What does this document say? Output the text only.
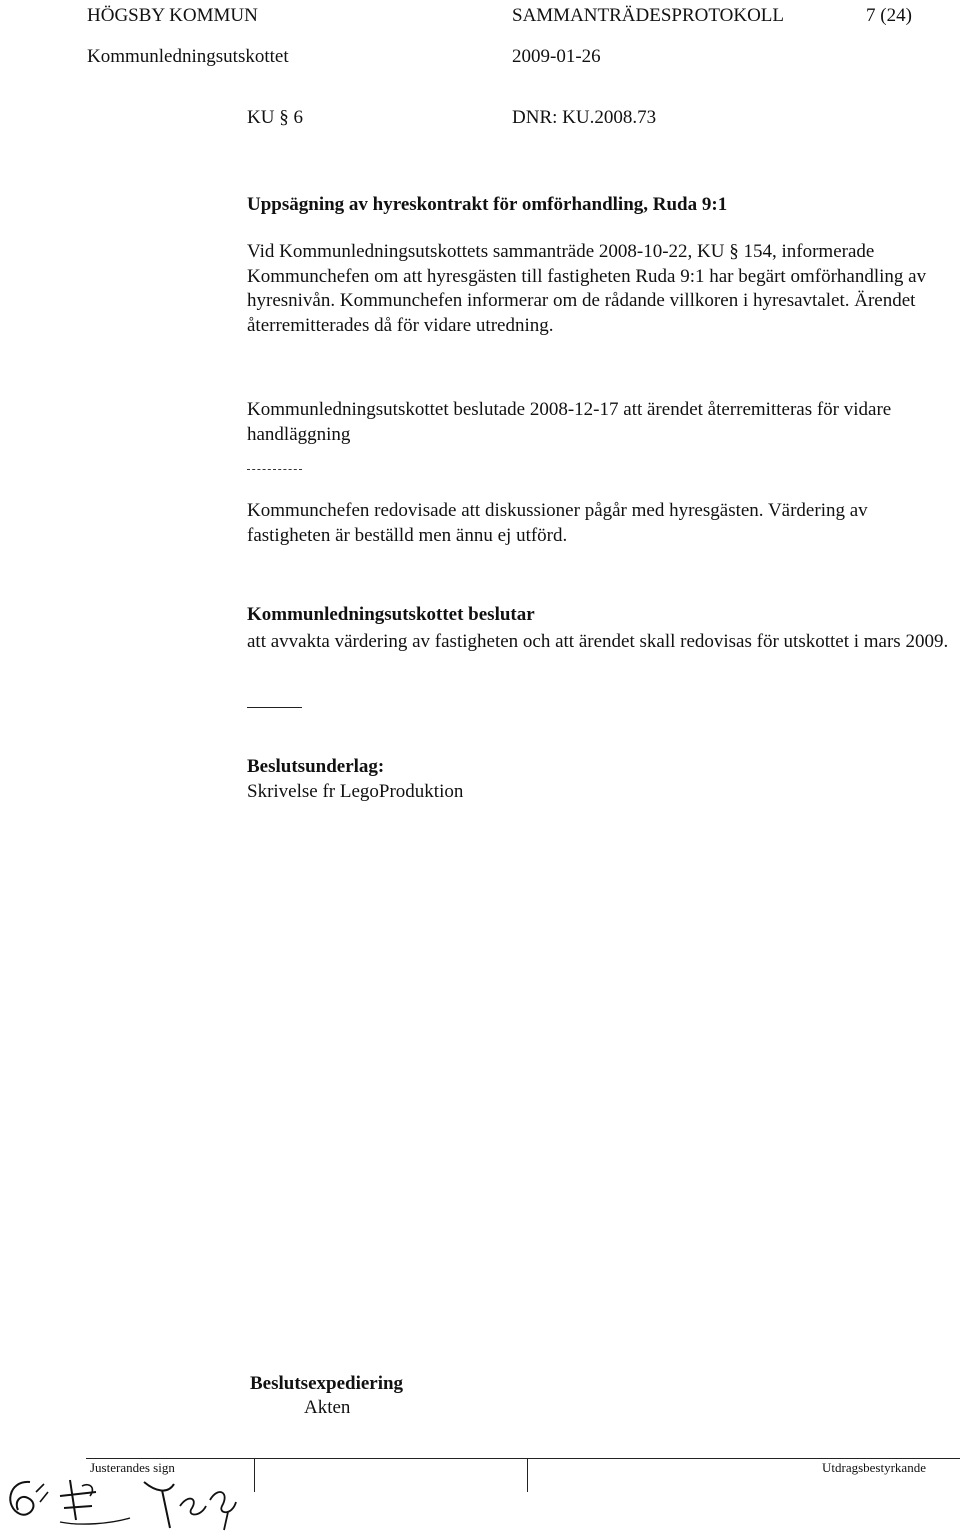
HÖGSBY KOMMUN	SAMMANTRÄDESPROTOKOLL	7 (24)
Kommunledningsutskottet	2009-01-26
KU § 6	DNR: KU.2008.73
Uppsägning av hyreskontrakt för omförhandling, Ruda 9:1

Vid Kommunledningsutskottets sammanträde 2008-10-22, KU § 154, informerade Kommunchefen om att hyresgästen till fastigheten Ruda 9:1 har begärt omförhandling av hyresnivån. Kommunchefen informerar om de rådande villkoren i hyresavtalet. Ärendet återremitterades då för vidare utredning.

Kommunledningsutskottet beslutade 2008-12-17 att ärendet återremitteras för vidare handläggning

Kommunchefen redovisade att diskussioner pågår med hyresgästen. Värdering av fastigheten är beställd men ännu ej utförd.

Kommunledningsutskottet beslutar

att avvakta värdering av fastigheten och att ärendet skall redovisas för utskottet i mars 2009.

Beslutsunderlag:
Skrivelse fr LegoProduktion
Beslutsexpediering
Akten
Justerandes sign	Utdragsbestyrkande
